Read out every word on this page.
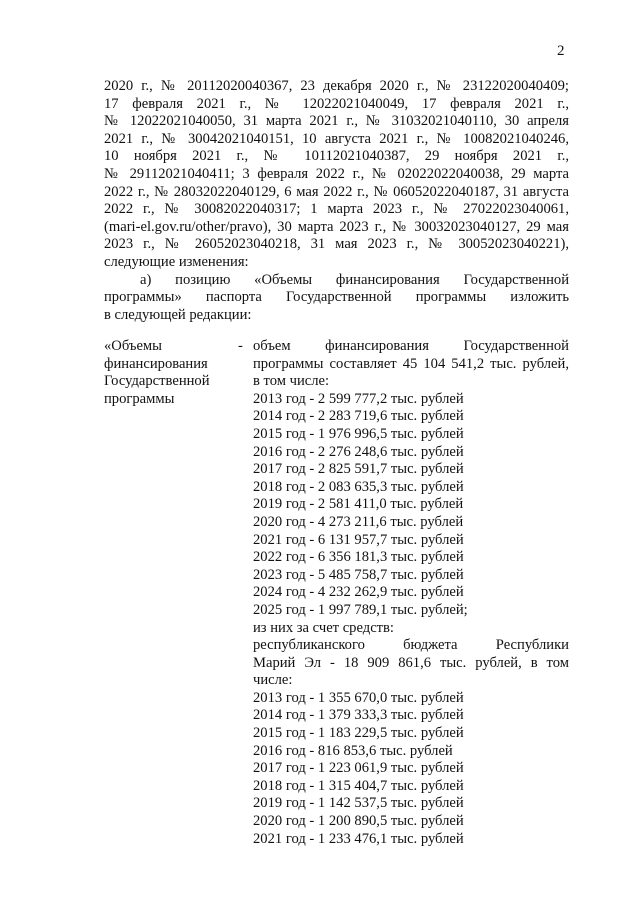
2
2020 г., № 20112020040367, 23 декабря 2020 г., № 23122020040409;
17 февраля 2021 г., № 12022021040049, 17 февраля 2021 г.,
№ 12022021040050, 31 марта 2021 г., № 31032021040110, 30 апреля
2021 г., № 30042021040151, 10 августа 2021 г., № 10082021040246,
10 ноября 2021 г., № 10112021040387, 29 ноября 2021 г.,
№ 29112021040411; 3 февраля 2022 г., № 02022022040038, 29 марта
2022 г., № 28032022040129, 6 мая 2022 г., № 06052022040187, 31 августа
2022 г., № 30082022040317; 1 марта 2023 г., № 27022023040061,
(mari-el.gov.ru/other/pravo), 30 марта 2023 г., № 30032023040127, 29 мая
2023 г., № 26052023040218, 31 мая 2023 г., № 30052023040221),
следующие изменения:
а) позицию «Объемы финансирования Государственной
программы» паспорта Государственной программы изложить
в следующей редакции:
«Объемы
финансирования
Государственной
программы
- объем финансирования Государственной
программы составляет 45 104 541,2 тыс. рублей,
в том числе:
2013 год - 2 599 777,2 тыс. рублей
2014 год - 2 283 719,6 тыс. рублей
2015 год - 1 976 996,5 тыс. рублей
2016 год - 2 276 248,6 тыс. рублей
2017 год - 2 825 591,7 тыс. рублей
2018 год - 2 083 635,3 тыс. рублей
2019 год - 2 581 411,0 тыс. рублей
2020 год - 4 273 211,6 тыс. рублей
2021 год - 6 131 957,7 тыс. рублей
2022 год - 6 356 181,3 тыс. рублей
2023 год - 5 485 758,7 тыс. рублей
2024 год - 4 232 262,9 тыс. рублей
2025 год - 1 997 789,1 тыс. рублей;
из них за счет средств:
республиканского бюджета Республики
Марий Эл - 18 909 861,6 тыс. рублей, в том
числе:
2013 год - 1 355 670,0 тыс. рублей
2014 год - 1 379 333,3 тыс. рублей
2015 год - 1 183 229,5 тыс. рублей
2016 год - 816 853,6 тыс. рублей
2017 год - 1 223 061,9 тыс. рублей
2018 год - 1 315 404,7 тыс. рублей
2019 год - 1 142 537,5 тыс. рублей
2020 год - 1 200 890,5 тыс. рублей
2021 год - 1 233 476,1 тыс. рублей
